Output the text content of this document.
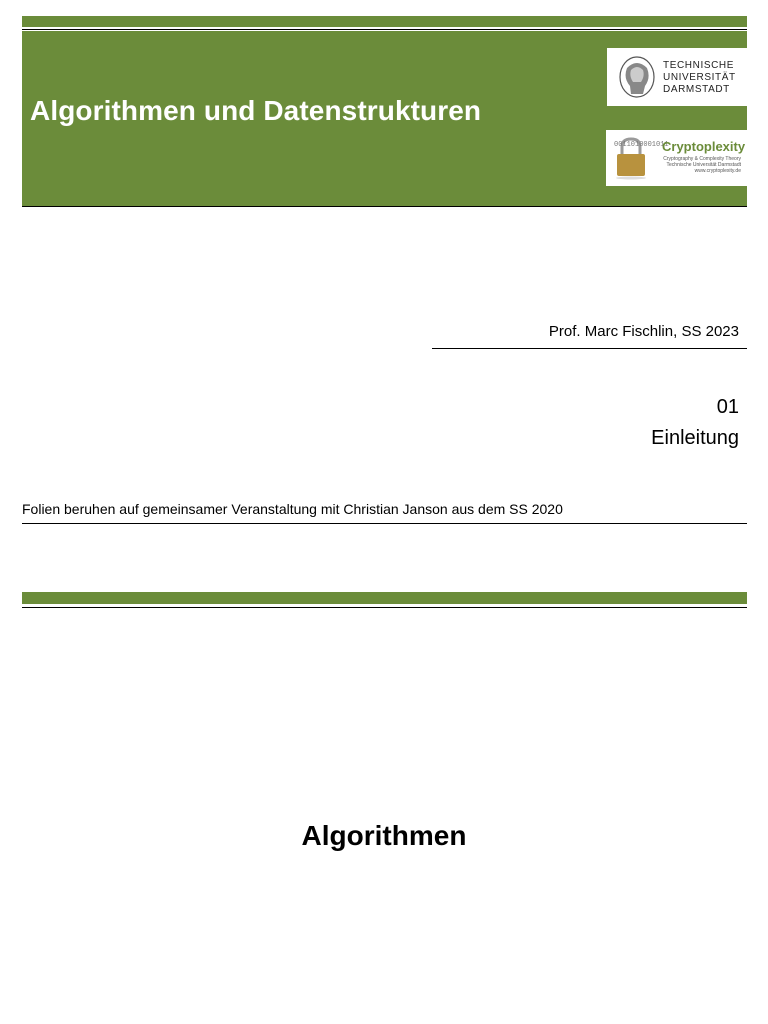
Algorithmen und Datenstrukturen
TECHNISCHE
UNIVERSITÄT
DARMSTADT
0011010001011
Cryptoplexity
Cryptography & Complexity Theory
Technische Universität Darmstadt
www.cryptoplexity.de
Prof. Marc Fischlin, SS 2023
01
Einleitung
Folien beruhen auf gemeinsamer Veranstaltung mit Christian Janson aus dem SS 2020
Algorithmen
